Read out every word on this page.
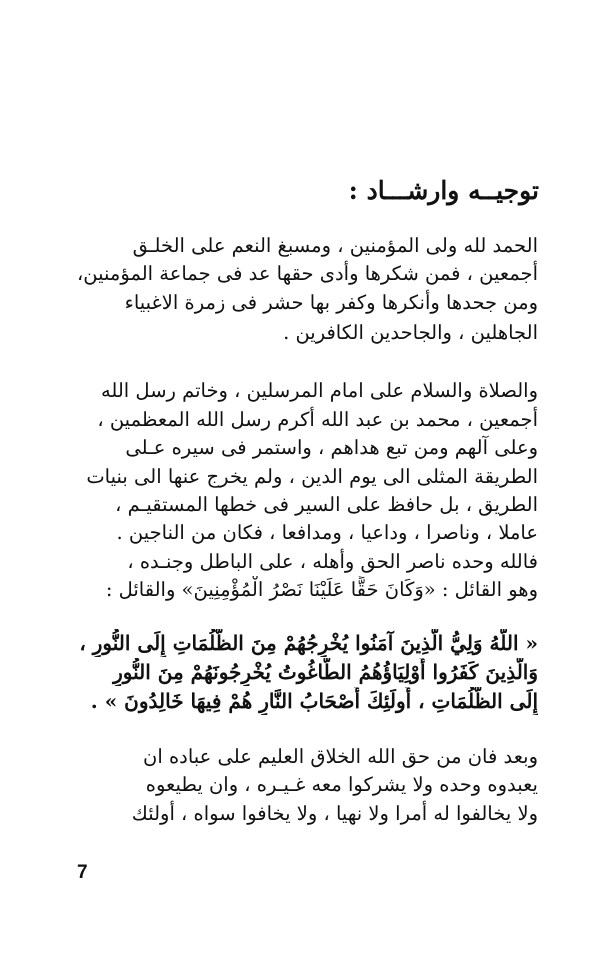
توجيــه وارشـــاد :
الحمد لله ولى المؤمنين ، ومسبغ النعم على الخلـق
أجمعين ، فمن شكرها وأدى حقها عد فى جماعة المؤمنين،
ومن جحدها وأنكرها وكفر بها حشر فى زمرة الاغبياء
الجاهلين ، والجاحدين الكافرين .
والصلاة والسلام على امام المرسلين ، وخاتم رسل الله
أجمعين ، محمد بن عبد الله أكرم رسل الله المعظمين ،
وعلى آلهم ومن تبع هداهم ، واستمر فى سيره عـلى
الطريقة المثلى الى يوم الدين ، ولم يخرج عنها الى بنيات
الطريق ، بل حافظ على السير فى خطها المستقيـم ،
عاملا ، وناصرا ، وداعيا ، ومدافعا ، فكان من الناجين .
فالله وحده ناصر الحق وأهله ، على الباطل وجنـده ،
وهو القائل : «وَكَانَ حَقًّا عَلَيْنَا نَصْرُ الْمُؤْمِنِينَ» والقائل :
« اللَّهُ وَلِيُّ الَّذِينَ آمَنُوا يُخْرِجُهُمْ مِنَ الظُّلُمَاتِ إِلَى النُّورِ ،
وَالَّذِينَ كَفَرُوا أَوْلِيَاؤُهُمُ الطَّاغُوتُ يُخْرِجُونَهُمْ مِنَ النُّورِ
إِلَى الظُّلُمَاتِ ، أُولَئِكَ أَصْحَابُ النَّارِ هُمْ فِيهَا خَالِدُونَ » .
وبعد فان من حق الله الخلاق العليم على عباده ان
يعبدوه وحده ولا يشركوا معه غـيـره ، وان يطيعوه
ولا يخالفوا له أمرا ولا نهيا ، ولا يخافوا سواه ، أولئك
7
